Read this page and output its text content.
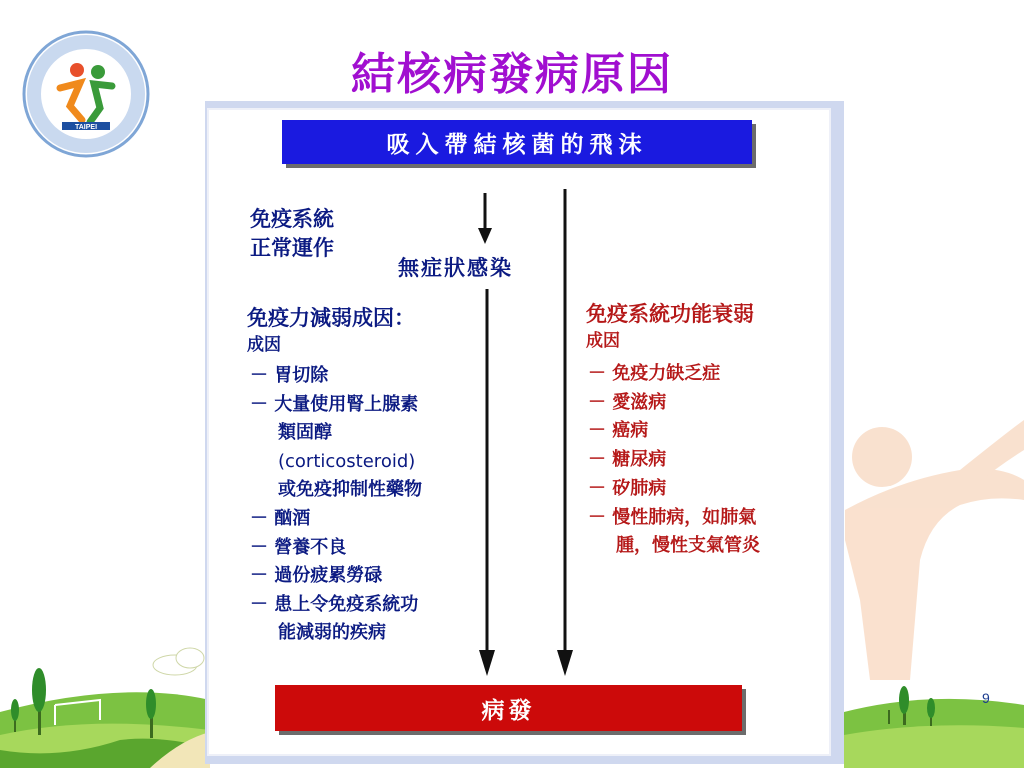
TAIPEI
結核病發病原因
吸入帶結核菌的飛沫
病發
免疫系統
正常運作
無症狀感染
免疫力減弱成因：
成因
－ 胃切除
－ 大量使用腎上腺素
類固醇
(corticosteroid)
或免疫抑制性藥物
－ 酗酒
－ 營養不良
－ 過份疲累勞碌
－ 患上令免疫系統功
能減弱的疾病
免疫系統功能衰弱
成因
－ 免疫力缺乏症
－ 愛滋病
－ 癌病
－ 糖尿病
－ 矽肺病
－ 慢性肺病，如肺氣
腫，慢性支氣管炎
9
